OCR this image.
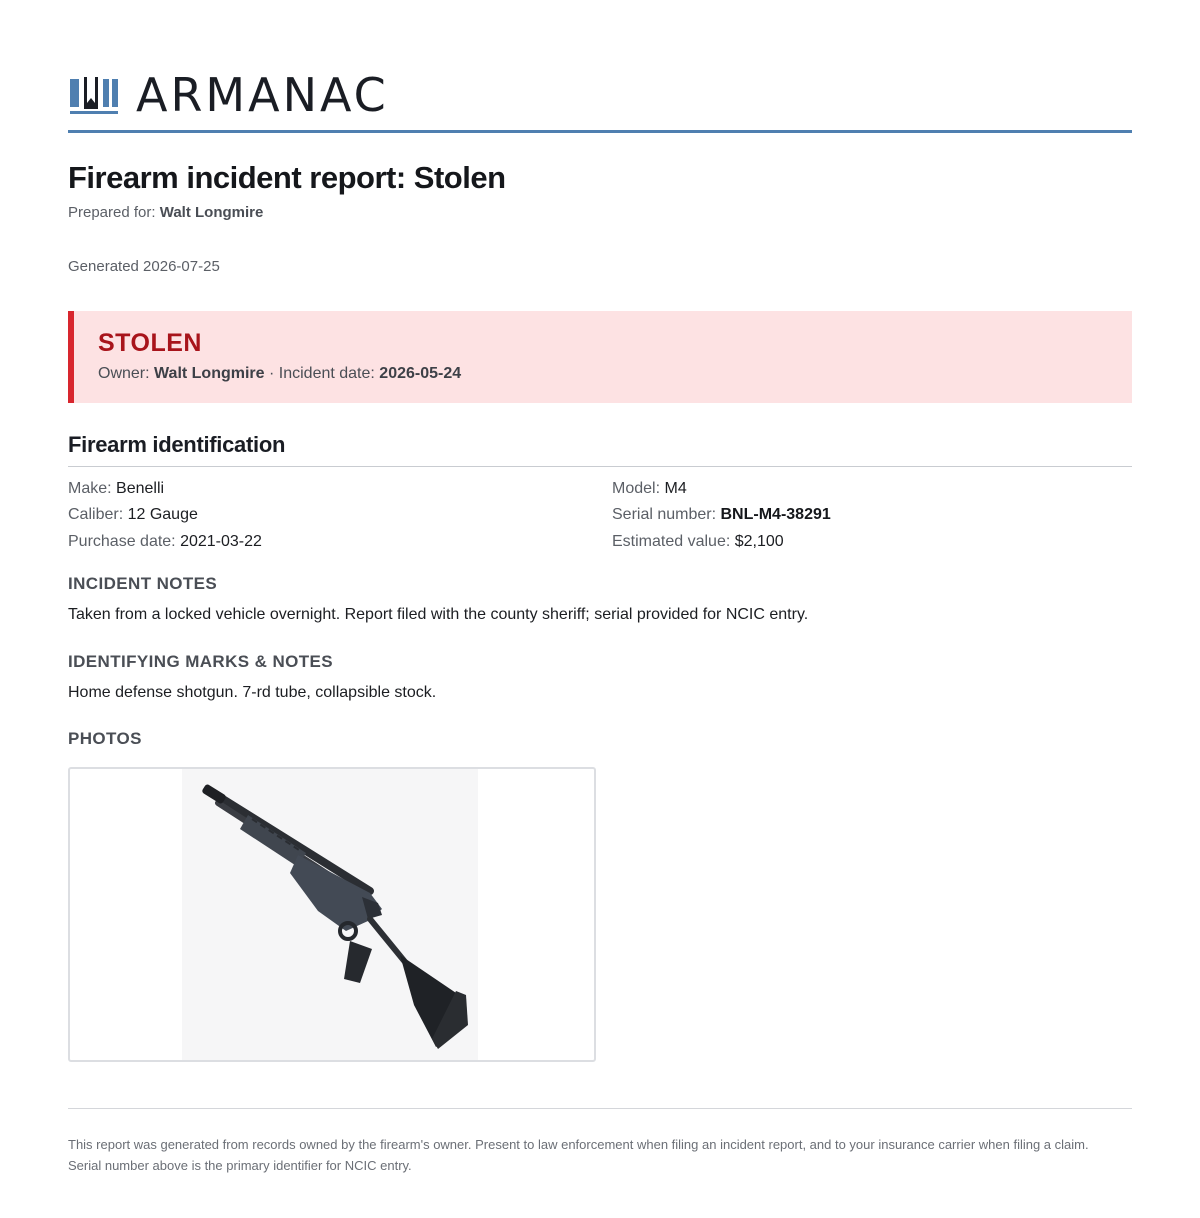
ARMANAC
Firearm incident report: Stolen
Prepared for: Walt Longmire
Generated 2026-07-25
STOLEN
Owner: Walt Longmire · Incident date: 2026-05-24
Firearm identification
Make: Benelli	Model: M4
Caliber: 12 Gauge	Serial number: BNL-M4-38291
Purchase date: 2021-03-22	Estimated value: $2,100
INCIDENT NOTES

Taken from a locked vehicle overnight. Report filed with the county sheriff; serial provided for NCIC entry.

IDENTIFYING MARKS & NOTES

Home defense shotgun. 7-rd tube, collapsible stock.

PHOTOS

This report was generated from records owned by the firearm's owner. Present to law enforcement when filing an incident report, and to your insurance carrier when filing a claim. Serial number above is the primary identifier for NCIC entry.
